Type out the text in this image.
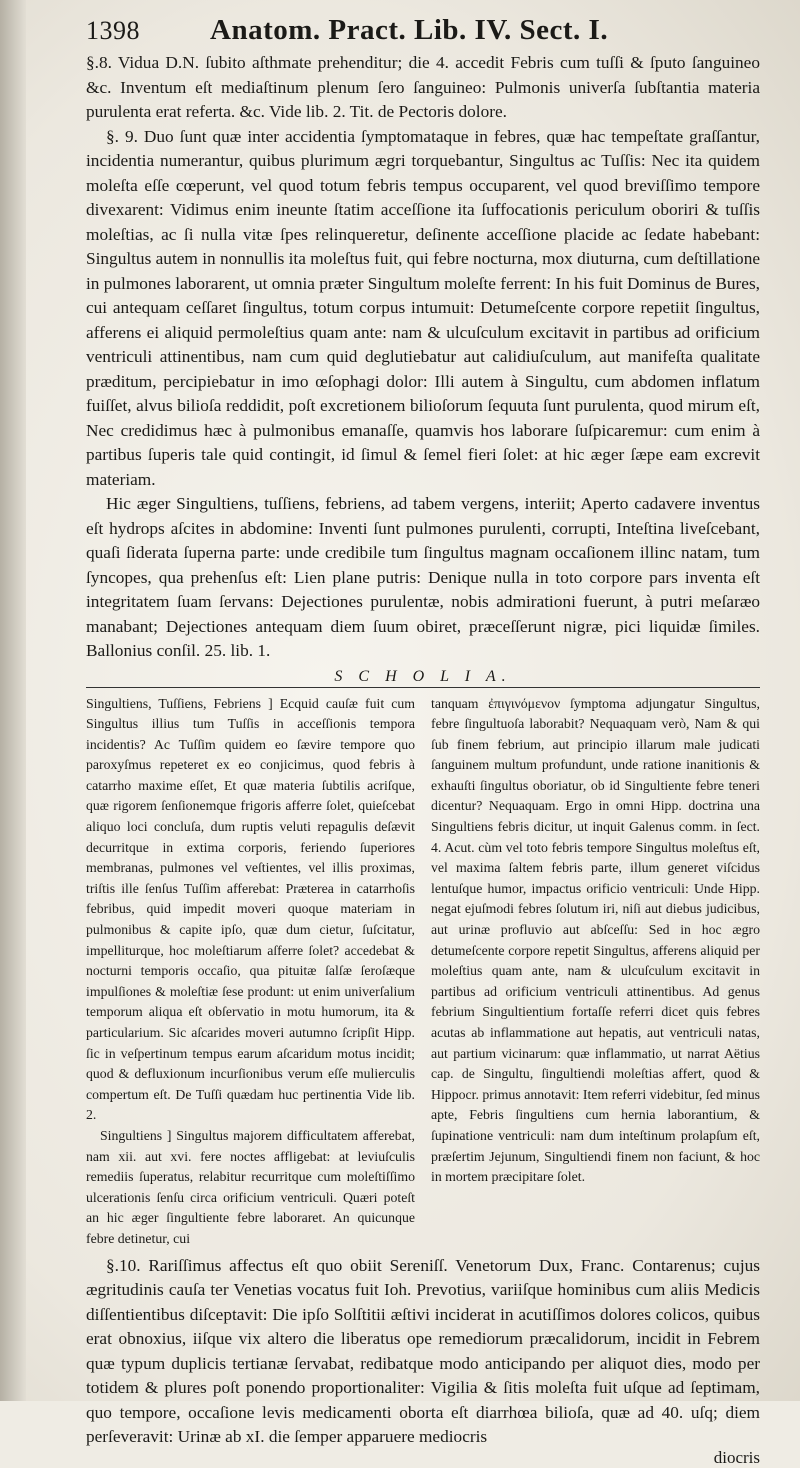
1398 Anatom. Pract. Lib. IV. Sect. I.

§.8. Vidua D.N. ſubito aſthmate prehenditur; die 4. accedit Febris cum tuſſi & ſputo ſanguineo &c. Inventum eſt mediaſtinum plenum ſero ſanguineo: Pulmonis univerſa ſubſtantia materia purulenta erat referta. &c. Vide lib. 2. Tit. de Pectoris dolore.

§. 9. Duo ſunt quæ inter accidentia ſymptomataque in febres, quæ hac tempeſtate graſſantur, incidentia numerantur, quibus plurimum ægri torquebantur, Singultus ac Tuſſis: Nec ita quidem moleſta eſſe cœperunt, vel quod totum febris tempus occuparent, vel quod breviſſimo tempore divexarent: Vidimus enim ineunte ſtatim acceſſione ita ſuffocationis periculum oboriri & tuſſis moleſtias, ac ſi nulla vitæ ſpes relinqueretur, deſinente acceſſione placide ac ſedate habebant: Singultus autem in nonnullis ita moleſtus fuit, qui febre nocturna, mox diuturna, cum deſtillatione in pulmones laborarent, ut omnia præter Singultum moleſte ferrent: In his fuit Dominus de Bures, cui antequam ceſſaret ſingultus, totum corpus intumuit: Detumeſcente corpore repetiit ſingultus, afferens ei aliquid permoleſtius quam ante: nam & ulcuſculum excitavit in partibus ad orificium ventriculi attinentibus, nam cum quid deglutiebatur aut calidiuſculum, aut manifeſta qualitate præditum, percipiebatur in imo œſophagi dolor: Illi autem à Singultu, cum abdomen inflatum fuiſſet, alvus bilioſa reddidit, poſt excretionem bilioſorum ſequuta ſunt purulenta, quod mirum eſt, Nec credidimus hæc à pulmonibus emanaſſe, quamvis hos laborare ſuſpicaremur: cum enim à partibus ſuperis tale quid contingit, id ſimul & ſemel fieri ſolet: at hic æger ſæpe eam excrevit materiam.

Hic æger Singultiens, tuſſiens, febriens, ad tabem vergens, interiit; Aperto cadavere inventus eſt hydrops aſcites in abdomine: Inventi ſunt pulmones purulenti, corrupti, Inteſtina liveſcebant, quaſi ſiderata ſuperna parte: unde credibile tum ſingultus magnam occaſionem illinc natam, tum ſyncopes, qua prehenſus eſt: Lien plane putris: Denique nulla in toto corpore pars inventa eſt integritatem ſuam ſervans: Dejectiones purulentæ, nobis admirationi fuerunt, à putri meſaræo manabant; Dejectiones antequam diem ſuum obiret, præceſſerunt nigræ, pici liquidæ ſimiles. Ballonius conſil. 25. lib. 1.

S C H O L I A.

Singultiens, Tuſſiens, Febriens ] Ecquid cauſæ fuit cum Singultus illius tum Tuſſis in acceſſionis tempora incidentis? Ac Tuſſim quidem eo ſævire tempore quo paroxyſmus repeteret ex eo conjicimus, quod febris à catarrho maxime eſſet, Et quæ materia ſubtilis acriſque, quæ rigorem ſenſionemque frigoris afferre ſolet, quieſcebat aliquo loci concluſa, dum ruptis veluti repagulis deſævit decurritque in extima corporis, feriendo ſuperiores membranas, pulmones vel veſtientes, vel illis proximas, triſtis ille ſenſus Tuſſim afferebat: Præterea in catarrhoſis febribus, quid impedit moveri quoque materiam in pulmonibus & capite ipſo, quæ dum cietur, ſuſcitatur, impelliturque, hoc moleſtiarum aſferre ſolet? accedebat & nocturni temporis occaſio, qua pituitæ ſalſæ ſeroſæque impulſiones & moleſtiæ ſese produnt: ut enim univerſalium temporum aliqua eſt obſervatio in motu humorum, ita & particularium. Sic aſcarides moveri autumno ſcripſit Hipp. ſic in veſpertinum tempus earum aſcaridum motus incidit; quod & defluxionum incurſionibus verum eſſe mulierculis compertum eſt. De Tuſſi quædam huc pertinentia Vide lib. 2.

Singultiens ] Singultus majorem difficultatem afferebat, nam xii. aut xvi. fere noctes affligebat: at leviuſculis remediis ſuperatus, relabitur recurritque cum moleſtiſſimo ulcerationis ſenſu circa orificium ventriculi. Quæri poteſt an hic æger ſingultiente febre laboraret. An quicunque febre detinetur, cui

tanquam ἐπιγινόμενον ſymptoma adjungatur Singultus, febre ſingultuoſa laborabit? Nequaquam verò, Nam & qui ſub finem febrium, aut principio illarum male judicati ſanguinem multum profundunt, unde ratione inanitionis & exhauſti ſingultus oboriatur, ob id Singultiente febre teneri dicentur? Nequaquam. Ergo in omni Hipp. doctrina una Singultiens febris dicitur, ut inquit Galenus comm. in ſect. 4. Acut. cùm vel toto febris tempore Singultus moleſtus eſt, vel maxima ſaltem febris parte, illum generet viſcidus lentuſque humor, impactus orificio ventriculi: Unde Hipp. negat ejuſmodi febres ſolutum iri, niſi aut diebus judicibus, aut urinæ profluvio aut abſceſſu: Sed in hoc ægro detumeſcente corpore repetit Singultus, afferens aliquid per moleſtius quam ante, nam & ulcuſculum excitavit in partibus ad orificium ventriculi attinentibus. Ad genus febrium Singultientium fortaſſe referri dicet quis febres acutas ab inflammatione aut hepatis, aut ventriculi natas, aut partium vicinarum: quæ inflammatio, ut narrat Aëtius cap. de Singultu, ſingultiendi moleſtias affert, quod & Hippocr. primus annotavit: Item referri videbitur, ſed minus apte, Febris ſingultiens cum hernia laborantium, & ſupinatione ventriculi: nam dum inteſtinum prolapſum eſt, præſertim Jejunum, Singultiendi finem non faciunt, & hoc in mortem præcipitare ſolet.

§.10. Rariſſimus affectus eſt quo obiit Sereniſſ. Venetorum Dux, Franc. Contarenus; cujus ægritudinis cauſa ter Venetias vocatus fuit Ioh. Prevotius, variiſque hominibus cum aliis Medicis diſſentientibus diſceptavit: Die ipſo Solſtitii æſtivi inciderat in acutiſſimos dolores colicos, quibus erat obnoxius, iiſque vix altero die liberatus ope remediorum præcalidorum, incidit in Febrem quæ typum duplicis tertianæ ſervabat, redibatque modo anticipando per aliquot dies, modo per totidem & plures poſt ponendo proportionaliter: Vigilia & ſitis moleſta fuit uſque ad ſeptimam, quo tempore, occaſione levis medicamenti oborta eſt diarrhœa bilioſa, quæ ad 40. uſq; diem perſeveravit: Urinæ ab xI. die ſemper apparuere mediocris

diocris
